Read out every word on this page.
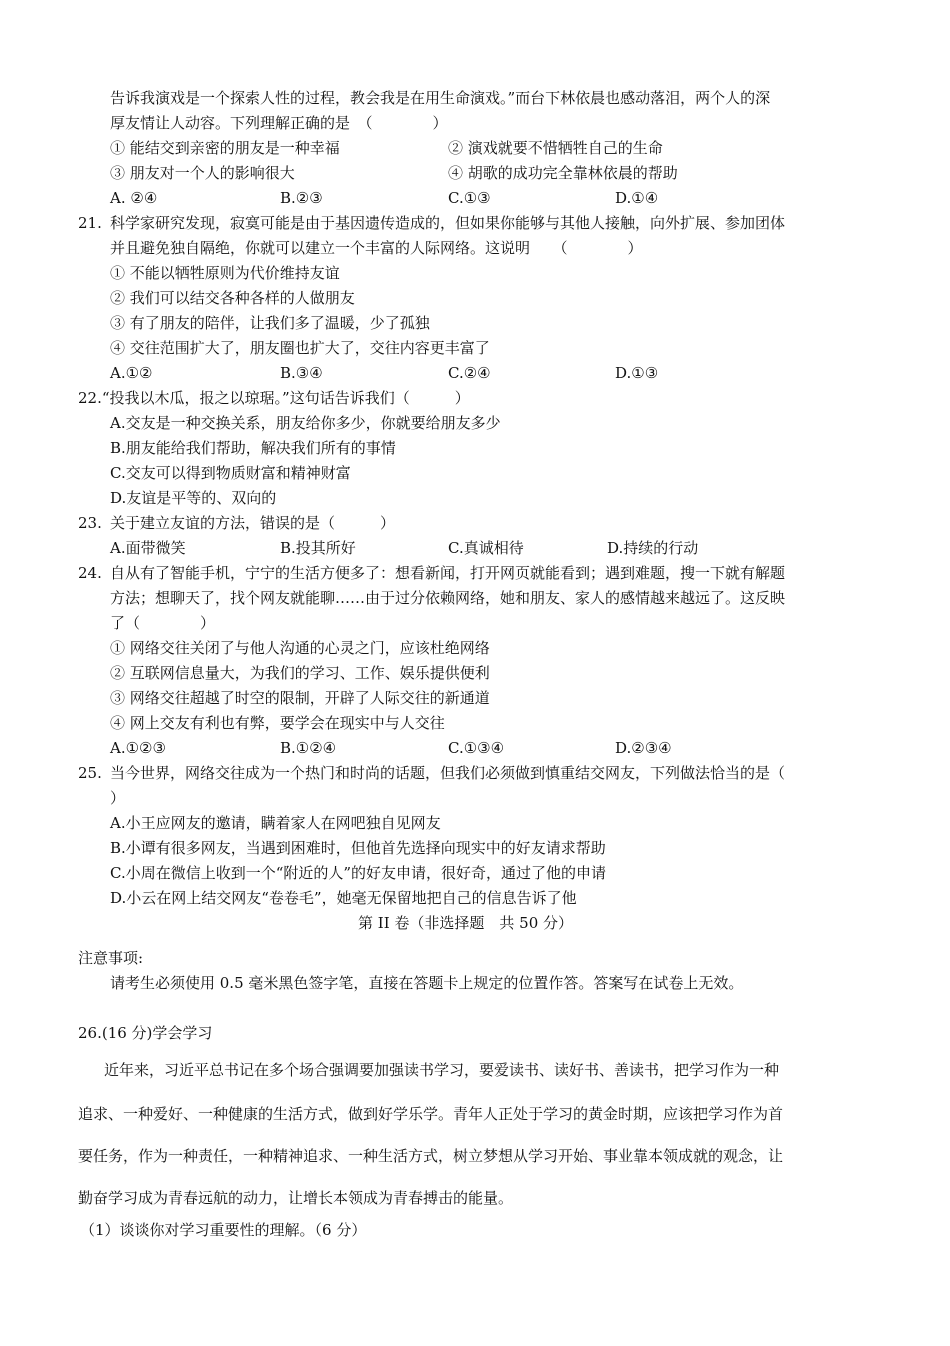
告诉我演戏是一个探索人性的过程，教会我是在用生命演戏。”而台下林依晨也感动落泪，两个人的深
厚友情让人动容。下列理解正确的是　（　　　　）
① 能结交到亲密的朋友是一种幸福	② 演戏就要不惜牺牲自己的生命
③ 朋友对一个人的影响很大	④ 胡歌的成功完全靠林依晨的帮助
A. ②④	B.②③	C.①③	D.①④
21. 科学家研究发现，寂寞可能是由于基因遗传造成的，但如果你能够与其他人接触，向外扩展、参加团体
并且避免独自隔绝，你就可以建立一个丰富的人际网络。这说明　　（　　　　）
① 不能以牺牲原则为代价维持友谊
② 我们可以结交各种各样的人做朋友
③ 有了朋友的陪伴，让我们多了温暖，少了孤独
④ 交往范围扩大了，朋友圈也扩大了，交往内容更丰富了
A.①②	B.③④	C.②④	D.①③
22.“投我以木瓜，报之以琼琚。”这句话告诉我们（　　　）
A.交友是一种交换关系，朋友给你多少，你就要给朋友多少
B.朋友能给我们帮助，解决我们所有的事情
C.交友可以得到物质财富和精神财富
D.友谊是平等的、双向的
23. 关于建立友谊的方法，错误的是（　　　）
A.面带微笑	B.投其所好	C.真诚相待	D.持续的行动
24. 自从有了智能手机，宁宁的生活方便多了：想看新闻，打开网页就能看到；遇到难题，搜一下就有解题
方法；想聊天了，找个网友就能聊……由于过分依赖网络，她和朋友、家人的感情越来越远了。这反映
了（　　　　）
① 网络交往关闭了与他人沟通的心灵之门，应该杜绝网络
② 互联网信息量大，为我们的学习、工作、娱乐提供便利
③ 网络交往超越了时空的限制，开辟了人际交往的新通道
④ 网上交友有利也有弊，要学会在现实中与人交往
A.①②③	B.①②④	C.①③④	D.②③④
25. 当今世界，网络交往成为一个热门和时尚的话题，但我们必须做到慎重结交网友，下列做法恰当的是（
）
A.小王应网友的邀请，瞒着家人在网吧独自见网友
B.小谭有很多网友，当遇到困难时，但他首先选择向现实中的好友请求帮助
C.小周在微信上收到一个“附近的人”的好友申请，很好奇，通过了他的申请
D.小云在网上结交网友“卷卷毛”，她毫无保留地把自己的信息告诉了他
第 II 卷（非选择题　共 50 分）
注意事项:
请考生必须使用 0.5 毫米黑色签字笔，直接在答题卡上规定的位置作答。答案写在试卷上无效。
26.(16 分)学会学习
近年来，习近平总书记在多个场合强调要加强读书学习，要爱读书、读好书、善读书，把学习作为一种
追求、一种爱好、一种健康的生活方式，做到好学乐学。青年人正处于学习的黄金时期，应该把学习作为首
要任务，作为一种责任，一种精神追求、一种生活方式，树立梦想从学习开始、事业靠本领成就的观念，让
勤奋学习成为青春远航的动力，让增长本领成为青春搏击的能量。
（1）谈谈你对学习重要性的理解。（6 分）
